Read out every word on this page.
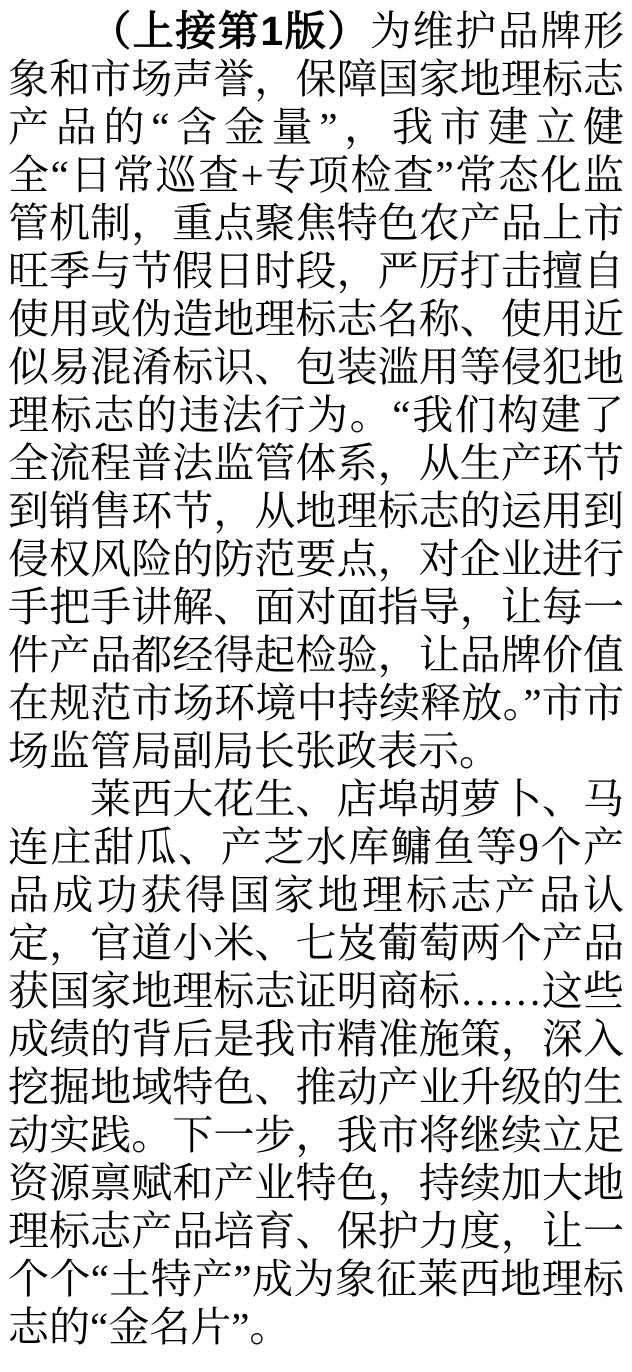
（上接第1版）为维护品牌形象和市场声誉，保障国家地理标志产品的“含金量”，我市建立健全“日常巡查+专项检查”常态化监管机制，重点聚焦特色农产品上市旺季与节假日时段，严厉打击擅自使用或伪造地理标志名称、使用近似易混淆标识、包装滥用等侵犯地理标志的违法行为。“我们构建了全流程普法监管体系，从生产环节到销售环节，从地理标志的运用到侵权风险的防范要点，对企业进行手把手讲解、面对面指导，让每一件产品都经得起检验，让品牌价值在规范市场环境中持续释放。”市市场监管局副局长张政表示。

莱西大花生、店埠胡萝卜、马连庄甜瓜、产芝水库鳙鱼等9个产品成功获得国家地理标志产品认定，官道小米、七岌葡萄两个产品获国家地理标志证明商标……这些成绩的背后是我市精准施策，深入挖掘地域特色、推动产业升级的生动实践。下一步，我市将继续立足资源禀赋和产业特色，持续加大地理标志产品培育、保护力度，让一个个“土特产”成为象征莱西地理标志的“金名片”。
